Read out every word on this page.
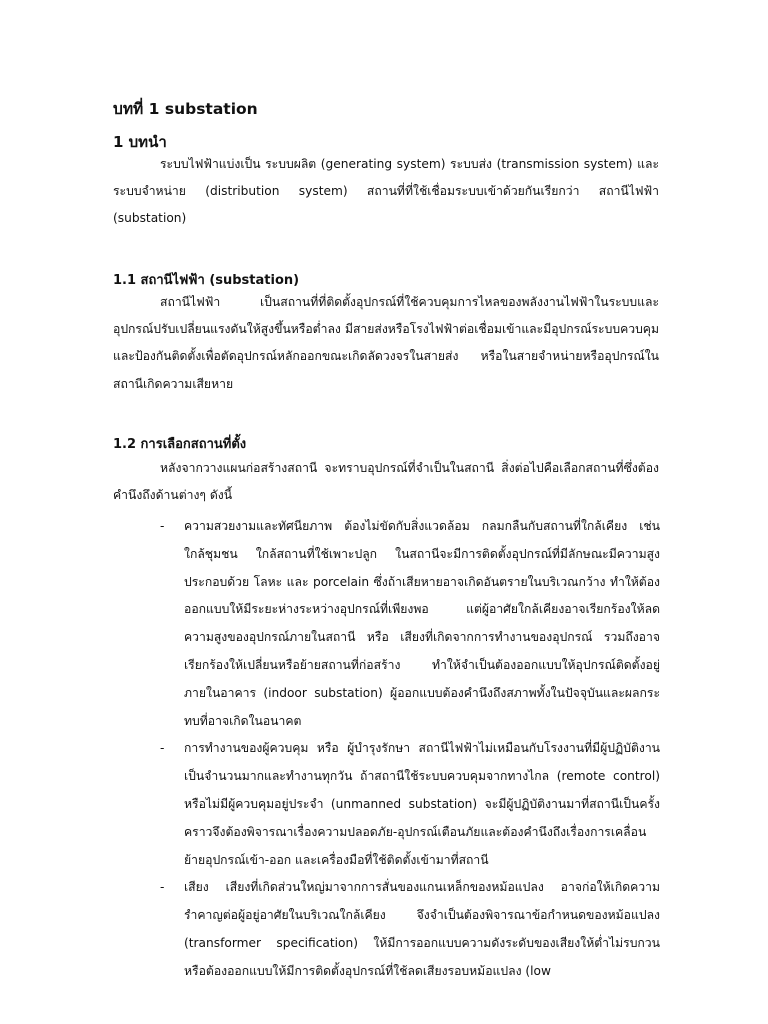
บทที่ 1 substation
1 บทนำ

ระบบไฟฟ้าแบ่งเป็น ระบบผลิต (generating system) ระบบส่ง (transmission system) และ ระบบจำหน่าย (distribution system) สถานที่ที่ใช้เชื่อมระบบเข้าด้วยกันเรียกว่า สถานีไฟฟ้า (substation)

1.1 สถานีไฟฟ้า (substation)

สถานีไฟฟ้า เป็นสถานที่ที่ติดตั้งอุปกรณ์ที่ใช้ควบคุมการไหลของพลังงานไฟฟ้าในระบบและอุปกรณ์ปรับเปลี่ยนแรงดันให้สูงขึ้นหรือต่ำลง มีสายส่งหรือโรงไฟฟ้าต่อเชื่อมเข้าและมีอุปกรณ์ระบบควบคุมและป้องกันติดตั้งเพื่อตัดอุปกรณ์หลักออกขณะเกิดลัดวงจรในสายส่ง หรือในสายจำหน่ายหรืออุปกรณ์ในสถานีเกิดความเสียหาย

1.2 การเลือกสถานที่ตั้ง

หลังจากวางแผนก่อสร้างสถานี จะทราบอุปกรณ์ที่จำเป็นในสถานี สิ่งต่อไปคือเลือกสถานที่ซึ่งต้องคำนึงถึงด้านต่างๆ ดังนี้

- ความสวยงามและทัศนียภาพ ต้องไม่ขัดกับสิ่งแวดล้อม กลมกลืนกับสถานที่ใกล้เคียง เช่น ใกล้ชุมชน ใกล้สถานที่ใช้เพาะปลูก ในสถานีจะมีการติดตั้งอุปกรณ์ที่มีลักษณะมีความสูง ประกอบด้วย โลหะ และ porcelain ซึ่งถ้าเสียหายอาจเกิดอันตรายในบริเวณกว้าง ทำให้ต้องออกแบบให้มีระยะห่างระหว่างอุปกรณ์ที่เพียงพอ แต่ผู้อาศัยใกล้เคียงอาจเรียกร้องให้ลด ความสูงของอุปกรณ์ภายในสถานี หรือ เสียงที่เกิดจากการทำงานของอุปกรณ์ รวมถึงอาจเรียกร้องให้เปลี่ยนหรือย้ายสถานที่ก่อสร้าง ทำให้จำเป็นต้องออกแบบให้อุปกรณ์ติดตั้งอยู่ภายในอาคาร (indoor substation) ผู้ออกแบบต้องคำนึงถึงสภาพทั้งในปัจจุบันและผลกระทบที่อาจเกิดในอนาคต
- การทำงานของผู้ควบคุม หรือ ผู้บำรุงรักษา สถานีไฟฟ้าไม่เหมือนกับโรงงานที่มีผู้ปฏิบัติงานเป็นจำนวนมากและทำงานทุกวัน ถ้าสถานีใช้ระบบควบคุมจากทางไกล (remote control) หรือไม่มีผู้ควบคุมอยู่ประจำ (unmanned substation) จะมีผู้ปฏิบัติงานมาที่สถานีเป็นครั้งคราวจึงต้องพิจารณาเรื่องความปลอดภัย-อุปกรณ์เตือนภัยและต้องคำนึงถึงเรื่องการเคลื่อนย้ายอุปกรณ์เข้า-ออก และเครื่องมือที่ใช้ติดตั้งเข้ามาที่สถานี
- เสียง เสียงที่เกิดส่วนใหญ่มาจากการสั่นของแกนเหล็กของหม้อแปลง อาจก่อให้เกิดความรำคาญต่อผู้อยู่อาศัยในบริเวณใกล้เคียง จึงจำเป็นต้องพิจารณาข้อกำหนดของหม้อแปลง (transformer specification) ให้มีการออกแบบความดังระดับของเสียงให้ต่ำไม่รบกวน หรือต้องออกแบบให้มีการติดตั้งอุปกรณ์ที่ใช้ลดเสียงรอบหม้อแปลง (low
